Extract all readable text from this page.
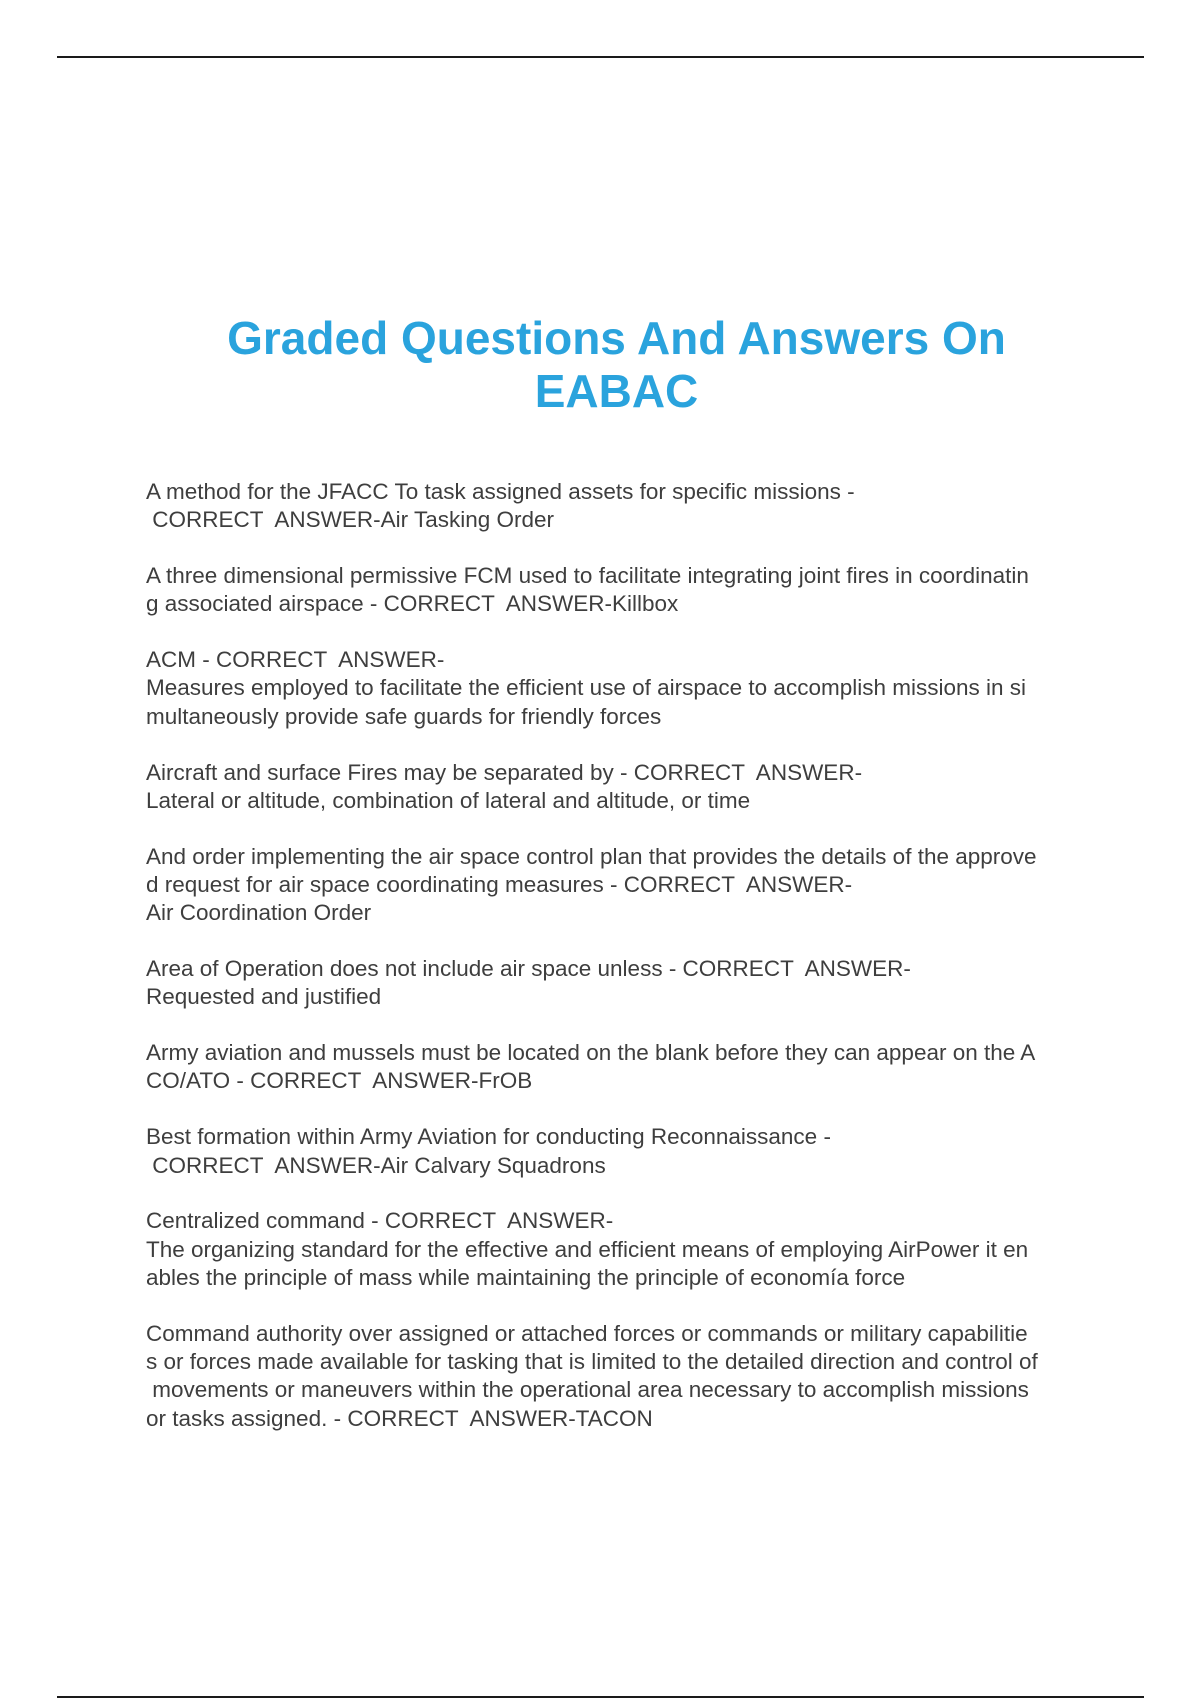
Graded Questions And Answers On
EABAC

A method for the JFACC To task assigned assets for specific missions -
CORRECT  ANSWER-Air Tasking Order

A three dimensional permissive FCM used to facilitate integrating joint fires in coordinatin
g associated airspace - CORRECT  ANSWER-Killbox

ACM - CORRECT  ANSWER-
Measures employed to facilitate the efficient use of airspace to accomplish missions in si
multaneously provide safe guards for friendly forces

Aircraft and surface Fires may be separated by - CORRECT  ANSWER-
Lateral or altitude, combination of lateral and altitude, or time

And order implementing the air space control plan that provides the details of the approve
d request for air space coordinating measures - CORRECT  ANSWER-
Air Coordination Order

Area of Operation does not include air space unless - CORRECT  ANSWER-
Requested and justified

Army aviation and mussels must be located on the blank before they can appear on the A
CO/ATO - CORRECT  ANSWER-FrOB

Best formation within Army Aviation for conducting Reconnaissance -
CORRECT  ANSWER-Air Calvary Squadrons

Centralized command - CORRECT  ANSWER-
The organizing standard for the effective and efficient means of employing AirPower it en
ables the principle of mass while maintaining the principle of economía force

Command authority over assigned or attached forces or commands or military capabilitie
s or forces made available for tasking that is limited to the detailed direction and control of
movements or maneuvers within the operational area necessary to accomplish missions
or tasks assigned. - CORRECT  ANSWER-TACON
